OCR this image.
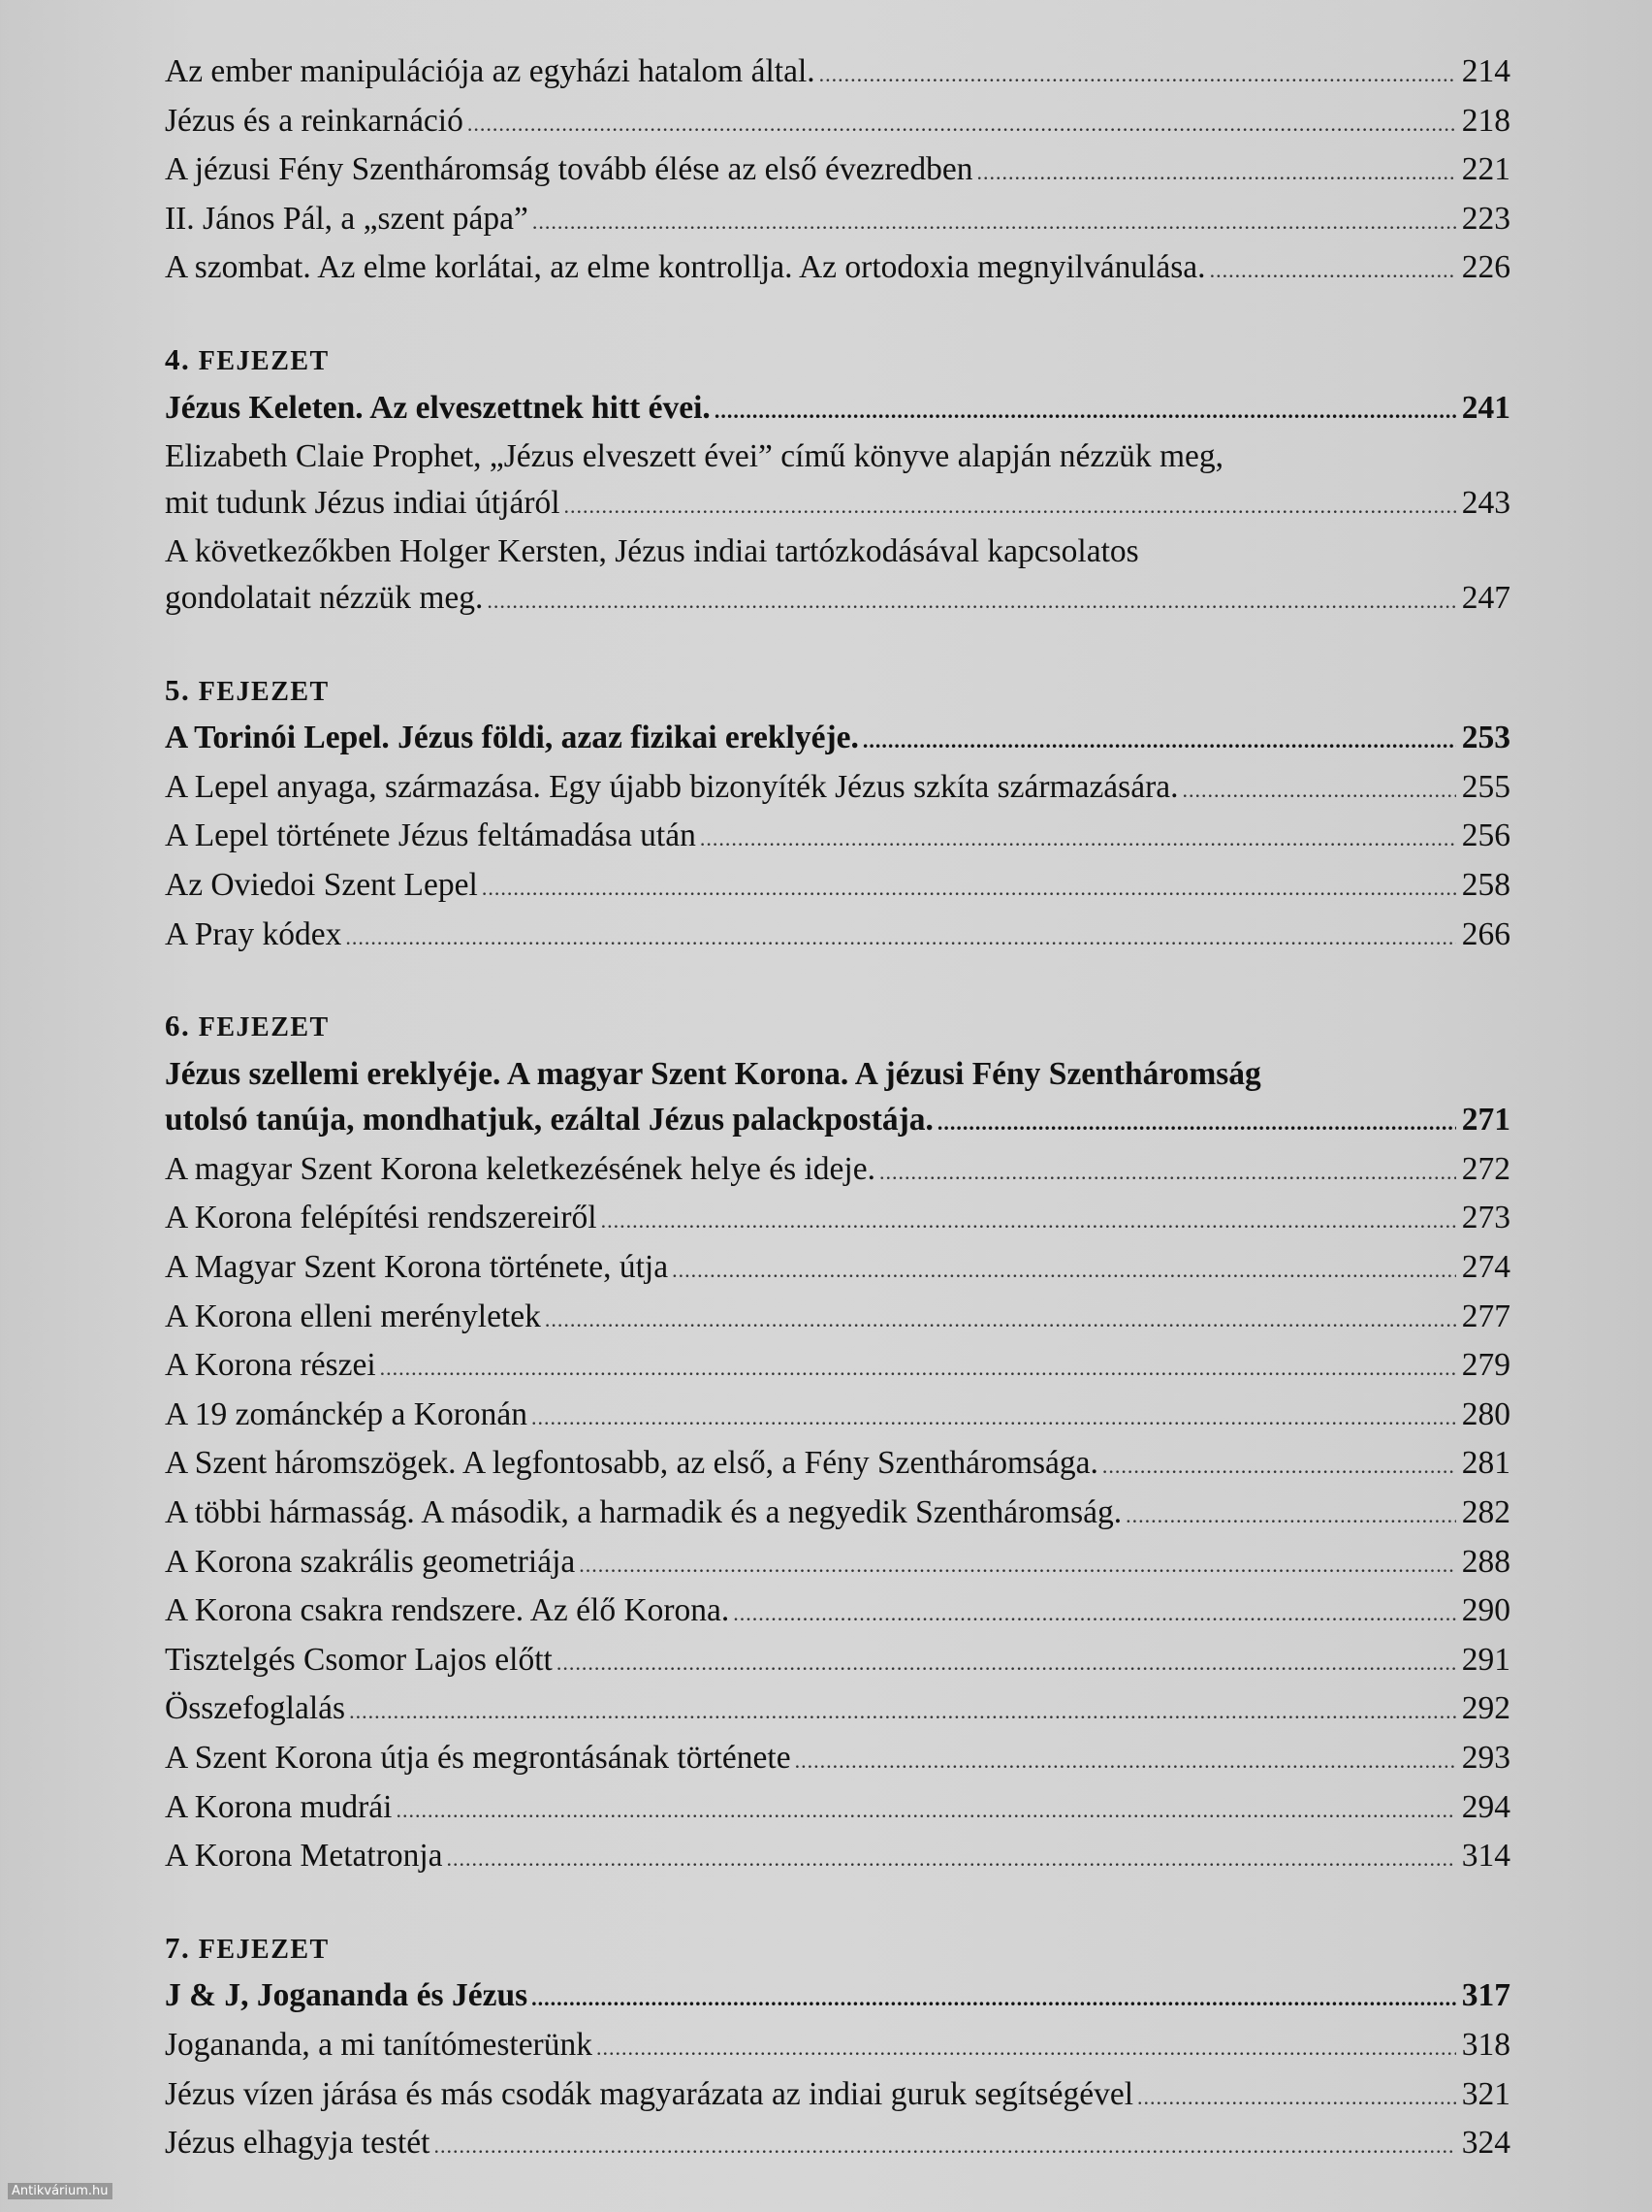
Az ember manipulációja az egyházi hatalom által. .....	214
Jézus és a reinkarnáció .....	218
A jézusi Fény Szentháromság tovább élése az első évezredben .....	221
II. János Pál, a „szent pápa” .....	223
A szombat. Az elme korlátai, az elme kontrollja. Az ortodoxia megnyilvánulása. .....	226
4. FEJEZET
Jézus Keleten. Az elveszettnek hitt évei. .....	241
Elizabeth Claie Prophet, „Jézus elveszett évei” című könyve alapján nézzük meg,
mit tudunk Jézus indiai útjáról .....	243
A következőkben Holger Kersten, Jézus indiai tartózkodásával kapcsolatos
gondolatait nézzük meg. .....	247
5. FEJEZET
A Torinói Lepel. Jézus földi, azaz fizikai ereklyéje. .....	253
A Lepel anyaga, származása. Egy újabb bizonyíték Jézus szkíta származására. .....	255
A Lepel története Jézus feltámadása után .....	256
Az Oviedoi Szent Lepel .....	258
A Pray kódex .....	266
6. FEJEZET
Jézus szellemi ereklyéje. A magyar Szent Korona. A jézusi Fény Szentháromság
utolsó tanúja, mondhatjuk, ezáltal Jézus palackpostája. .....	271
A magyar Szent Korona keletkezésének helye és ideje. .....	272
A Korona felépítési rendszereiről .....	273
A Magyar Szent Korona története, útja .....	274
A Korona elleni merényletek .....	277
A Korona részei .....	279
A 19 zománckép a Koronán .....	280
A Szent háromszögek. A legfontosabb, az első, a Fény Szentháromsága. .....	281
A többi hármasság. A második, a harmadik és a negyedik Szentháromság. .....	282
A Korona szakrális geometriája .....	288
A Korona csakra rendszere. Az élő Korona. .....	290
Tisztelgés Csomor Lajos előtt .....	291
Összefoglalás .....	292
A Szent Korona útja és megrontásának története .....	293
A Korona mudrái .....	294
A Korona Metatronja .....	314
7. FEJEZET
J & J, Jogananda és Jézus .....	317
Jogananda, a mi tanítómesterünk .....	318
Jézus vízen járása és más csodák magyarázata az indiai guruk segítségével .....	321
Jézus elhagyja testét .....	324
Antikvárium.hu
